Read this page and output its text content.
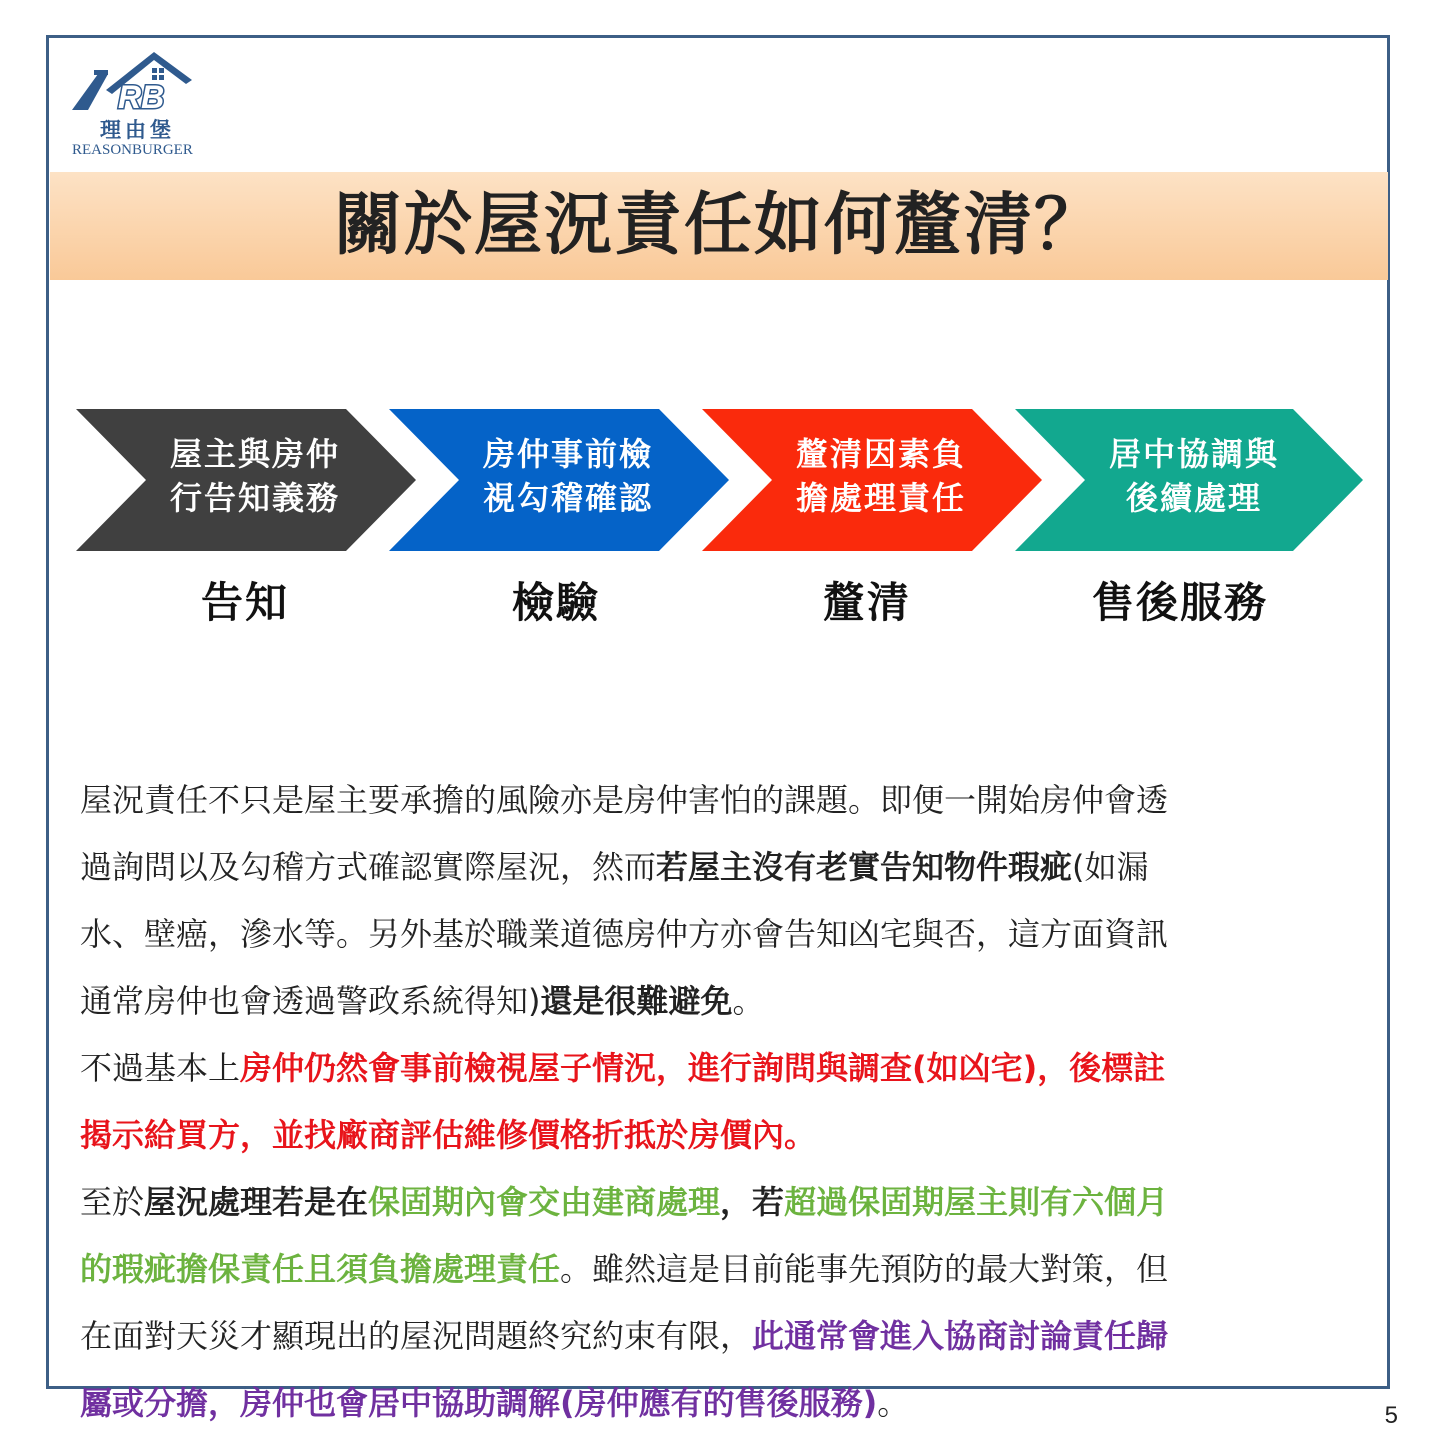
RB
理由堡
REASONBURGER
關於屋況責任如何釐清？
屋主與房仲
行告知義務
房仲事前檢
視勾稽確認
釐清因素負
擔處理責任
居中協調與
後續處理
告知	檢驗	釐清	售後服務

屋況責任不只是屋主要承擔的風險亦是房仲害怕的課題。即便一開始房仲會透
過詢問以及勾稽方式確認實際屋況，然而若屋主沒有老實告知物件瑕疵(如漏
水、壁癌，滲水等。另外基於職業道德房仲方亦會告知凶宅與否，這方面資訊
通常房仲也會透過警政系統得知)還是很難避免。

不過基本上房仲仍然會事前檢視屋子情況，進行詢問與調查(如凶宅)，後標註
揭示給買方，並找廠商評估維修價格折抵於房價內。

至於屋況處理若是在保固期內會交由建商處理，若超過保固期屋主則有六個月
的瑕疵擔保責任且須負擔處理責任。雖然這是目前能事先預防的最大對策，但
在面對天災才顯現出的屋況問題終究約束有限，此通常會進入協商討論責任歸
屬或分擔，房仲也會居中協助調解(房仲應有的售後服務)。	5
